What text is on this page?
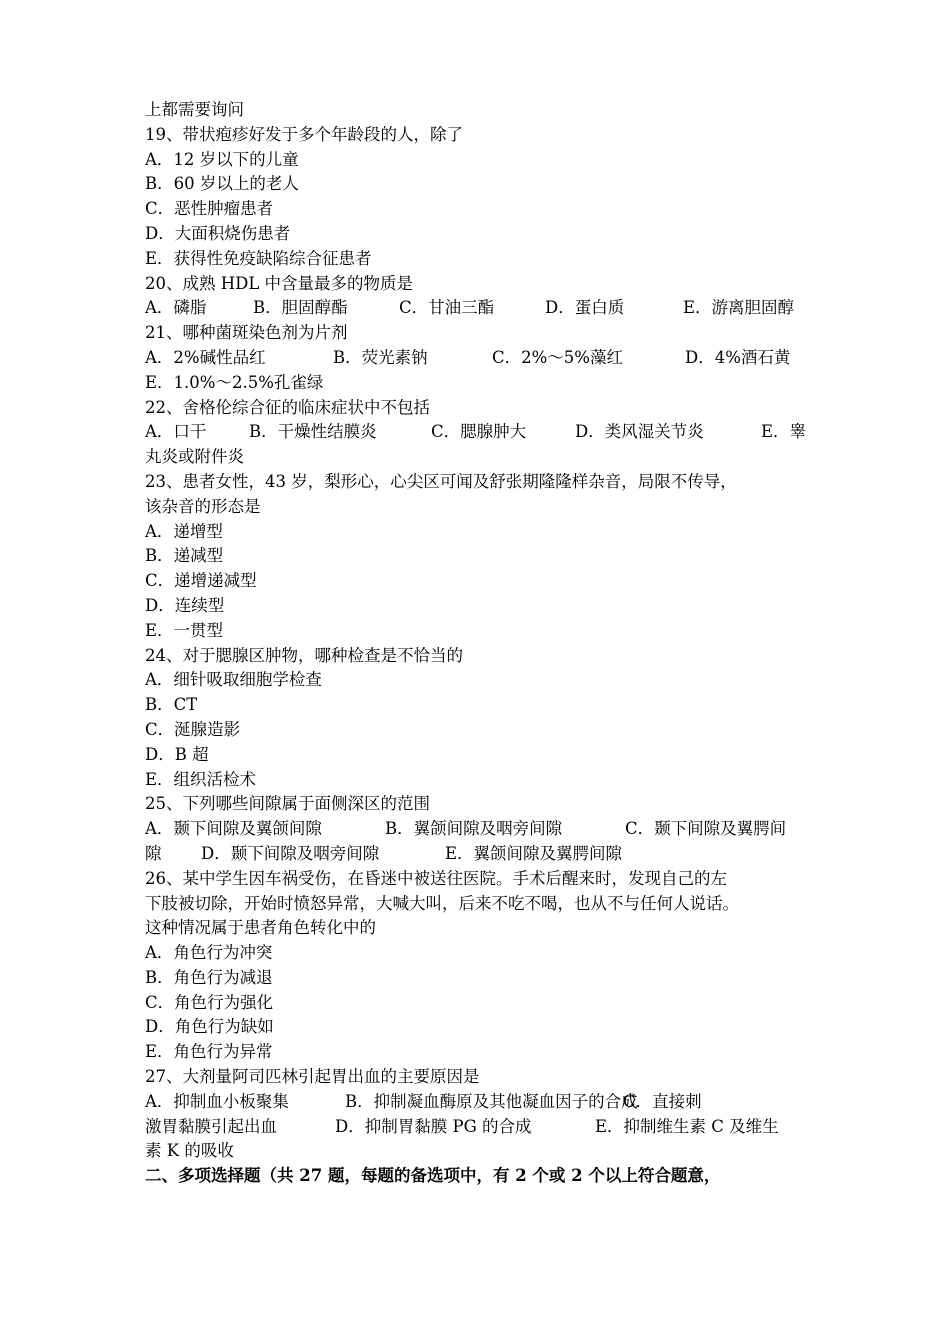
上都需要询问
19、带状疱疹好发于多个年龄段的人，除了
A．12 岁以下的儿童
B．60 岁以上的老人
C．恶性肿瘤患者
D．大面积烧伤患者
E．获得性免疫缺陷综合征患者
20、成熟 HDL 中含量最多的物质是
A．磷脂	B．胆固醇酯	C．甘油三酯	D．蛋白质	E．游离胆固醇
21、哪种菌斑染色剂为片剂
A．2%碱性品红	B．荧光素钠	C．2%～5%藻红	D．4%酒石黄
E．1.0%～2.5%孔雀绿
22、舍格伦综合征的临床症状中不包括
A．口干	B．干燥性结膜炎	C．腮腺肿大	D．类风湿关节炎	E．睾
丸炎或附件炎
23、患者女性，43 岁，梨形心，心尖区可闻及舒张期隆隆样杂音，局限不传导，
该杂音的形态是
A．递增型
B．递减型
C．递增递减型
D．连续型
E．一贯型
24、对于腮腺区肿物，哪种检查是不恰当的
A．细针吸取细胞学检查
B．CT
C．涎腺造影
D．B 超
E．组织活检术
25、下列哪些间隙属于面侧深区的范围
A．颞下间隙及翼颌间隙	B．翼颌间隙及咽旁间隙	C．颞下间隙及翼腭间
隙	D．颞下间隙及咽旁间隙	E．翼颌间隙及翼腭间隙
26、某中学生因车祸受伤，在昏迷中被送往医院。手术后醒来时，发现自己的左
下肢被切除，开始时愤怒异常，大喊大叫，后来不吃不喝，也从不与任何人说话。
这种情况属于患者角色转化中的
A．角色行为冲突
B．角色行为减退
C．角色行为强化
D．角色行为缺如
E．角色行为异常
27、大剂量阿司匹林引起胃出血的主要原因是
A．抑制血小板聚集	B．抑制凝血酶原及其他凝血因子的合成
C．直接刺
激胃黏膜引起出血	D．抑制胃黏膜 PG 的合成	E．抑制维生素 C 及维生
素 K 的吸收
二、多项选择题（共 27 题，每题的备选项中，有 2 个或 2 个以上符合题意，
